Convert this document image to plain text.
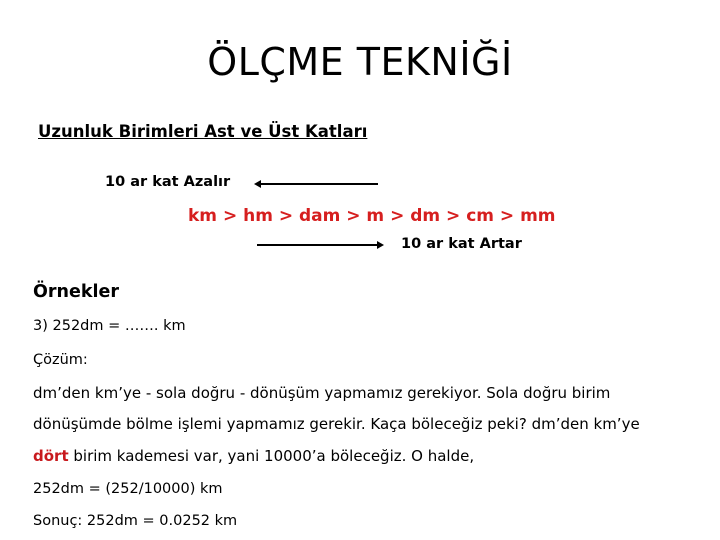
ÖLÇME TEKNİĞİ
Uzunluk Birimleri Ast ve Üst Katları
10 ar kat Azalır
km > hm > dam > m > dm > cm > mm
10 ar kat Artar
Örnekler
3) 252dm = ……. km
Çözüm:
dm’den km’ye - sola doğru - dönüşüm yapmamız gerekiyor. Sola doğru birim
dönüşümde bölme işlemi yapmamız gerekir. Kaça böleceğiz peki? dm’den km’ye
dört birim kademesi var, yani 10000’a böleceğiz. O halde,
252dm = (252/10000) km
Sonuç: 252dm = 0.0252 km
